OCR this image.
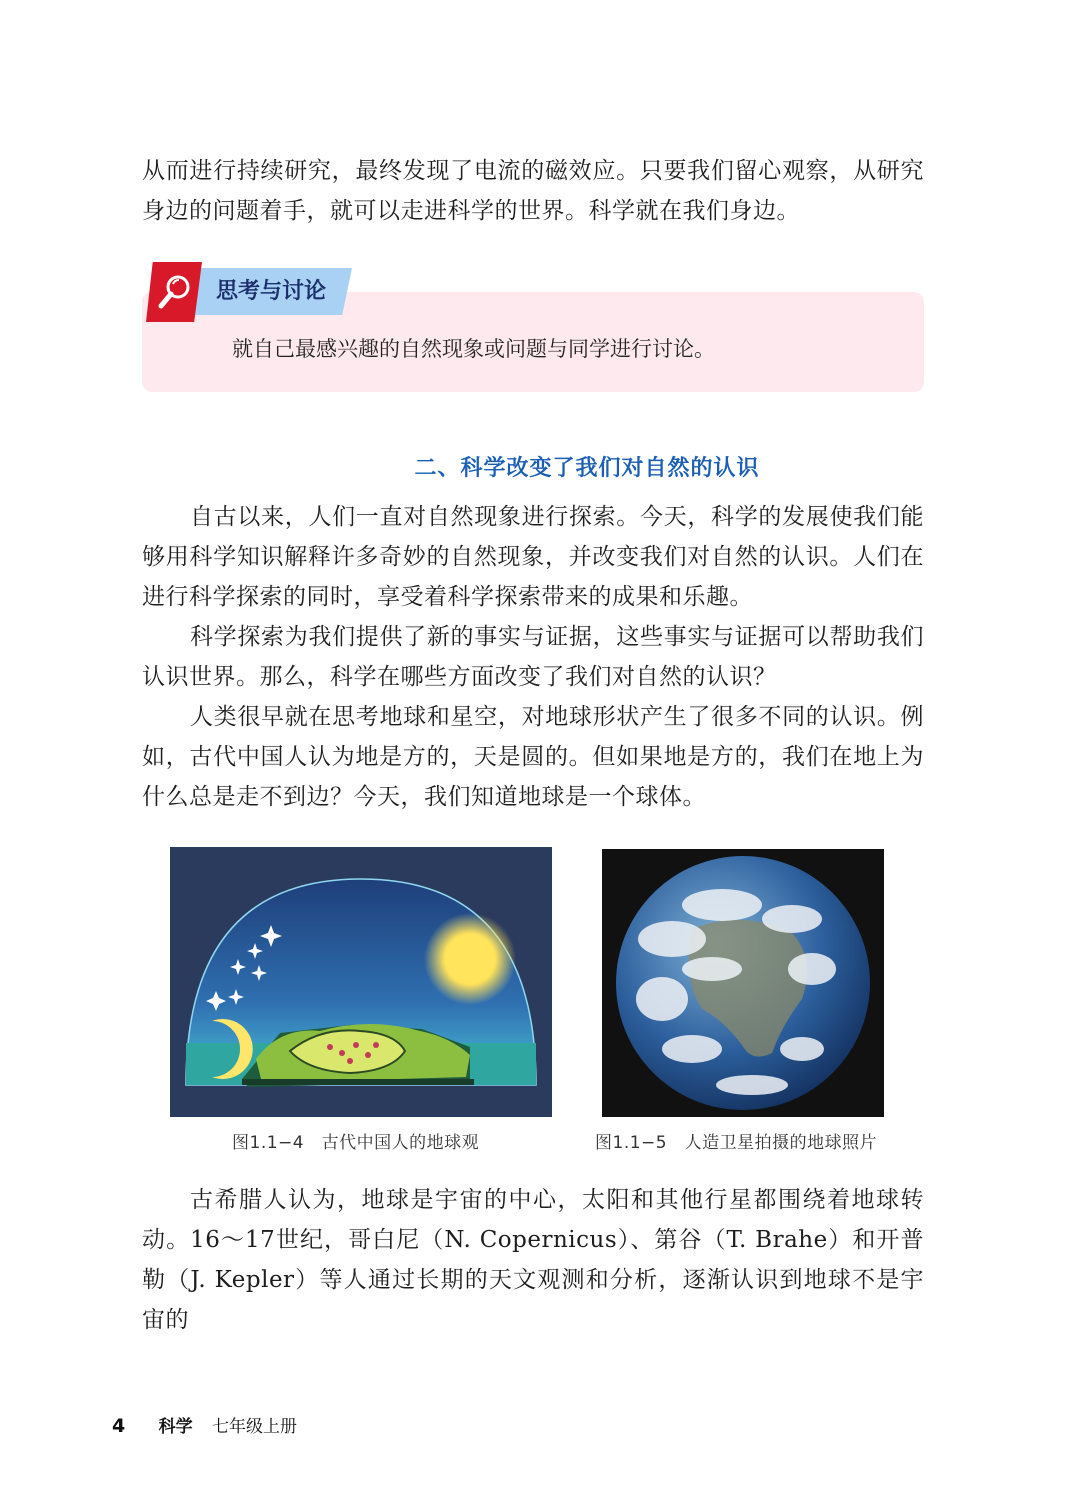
从而进行持续研究，最终发现了电流的磁效应。只要我们留心观察，从研究身边的问题着手，就可以走进科学的世界。科学就在我们身边。

思考与讨论
就自己最感兴趣的自然现象或问题与同学进行讨论。
二、科学改变了我们对自然的认识

自古以来，人们一直对自然现象进行探索。今天，科学的发展使我们能够用科学知识解释许多奇妙的自然现象，并改变我们对自然的认识。人们在进行科学探索的同时，享受着科学探索带来的成果和乐趣。

科学探索为我们提供了新的事实与证据，这些事实与证据可以帮助我们认识世界。那么，科学在哪些方面改变了我们对自然的认识？

人类很早就在思考地球和星空，对地球形状产生了很多不同的认识。例如，古代中国人认为地是方的，天是圆的。但如果地是方的，我们在地上为什么总是走不到边？今天，我们知道地球是一个球体。

图1.1−4　古代中国人的地球观	图1.1−5　人造卫星拍摄的地球照片

古希腊人认为，地球是宇宙的中心，太阳和其他行星都围绕着地球转动。16～17世纪，哥白尼（N. Copernicus）、第谷（T. Brahe）和开普勒（J. Kepler）等人通过长期的天文观测和分析，逐渐认识到地球不是宇宙的

4 科学 七年级上册
